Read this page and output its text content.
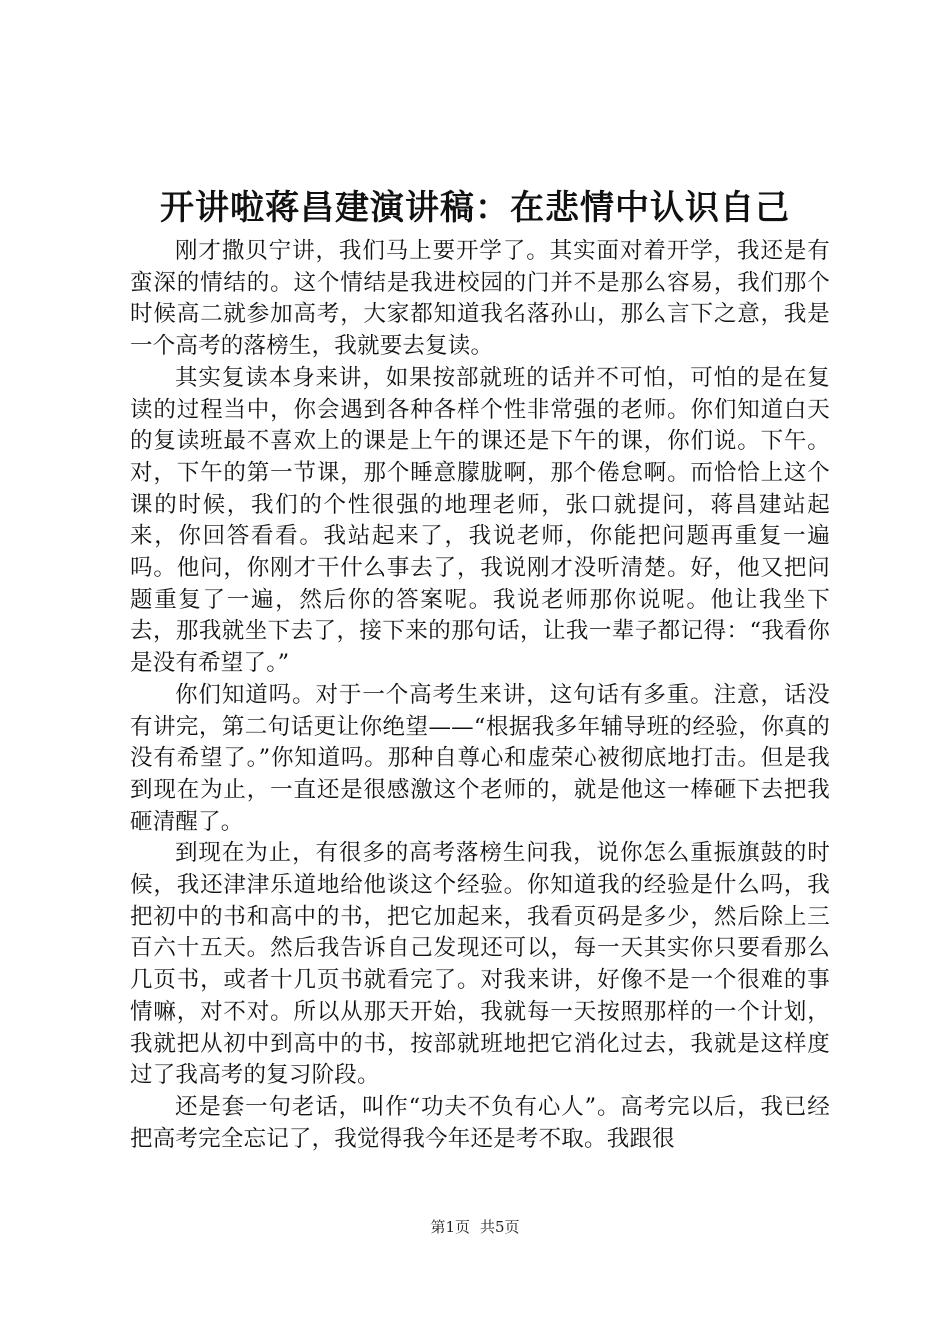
开讲啦蒋昌建演讲稿：在悲情中认识自己

刚才撒贝宁讲，我们马上要开学了。其实面对着开学，我还是有蛮深的情结的。这个情结是我进校园的门并不是那么容易，我们那个时候高二就参加高考，大家都知道我名落孙山，那么言下之意，我是一个高考的落榜生，我就要去复读。

其实复读本身来讲，如果按部就班的话并不可怕，可怕的是在复读的过程当中，你会遇到各种各样个性非常强的老师。你们知道白天的复读班最不喜欢上的课是上午的课还是下午的课，你们说。下午。对，下午的第一节课，那个睡意朦胧啊，那个倦怠啊。而恰恰上这个课的时候，我们的个性很强的地理老师，张口就提问，蒋昌建站起来，你回答看看。我站起来了，我说老师，你能把问题再重复一遍吗。他问，你刚才干什么事去了，我说刚才没听清楚。好，他又把问题重复了一遍，然后你的答案呢。我说老师那你说呢。他让我坐下去，那我就坐下去了，接下来的那句话，让我一辈子都记得：“我看你是没有希望了。”

你们知道吗。对于一个高考生来讲，这句话有多重。注意，话没有讲完，第二句话更让你绝望——“根据我多年辅导班的经验，你真的没有希望了。”你知道吗。那种自尊心和虚荣心被彻底地打击。但是我到现在为止，一直还是很感激这个老师的，就是他这一棒砸下去把我砸清醒了。

到现在为止，有很多的高考落榜生问我，说你怎么重振旗鼓的时候，我还津津乐道地给他谈这个经验。你知道我的经验是什么吗，我把初中的书和高中的书，把它加起来，我看页码是多少，然后除上三百六十五天。然后我告诉自己发现还可以，每一天其实你只要看那么几页书，或者十几页书就看完了。对我来讲，好像不是一个很难的事情嘛，对不对。所以从那天开始，我就每一天按照那样的一个计划，我就把从初中到高中的书，按部就班地把它消化过去，我就是这样度过了我高考的复习阶段。

还是套一句老话，叫作“功夫不负有心人”。高考完以后，我已经把高考完全忘记了，我觉得我今年还是考不取。我跟很

第1页 共5页
